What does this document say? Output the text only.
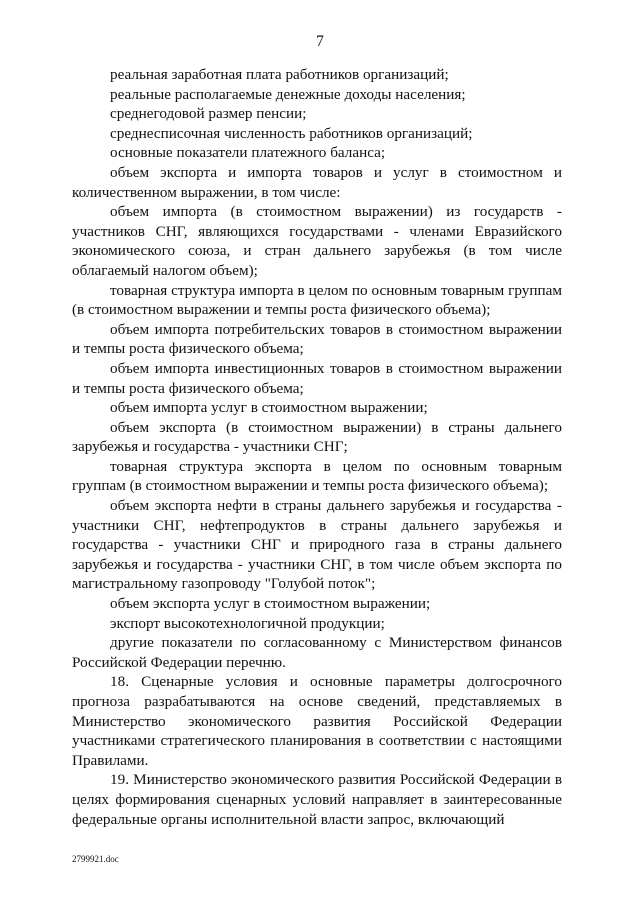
7

реальная заработная плата работников организаций;

реальные располагаемые денежные доходы населения;

среднегодовой размер пенсии;

среднесписочная численность работников организаций;

основные показатели платежного баланса;

объем экспорта и импорта товаров и услуг в стоимостном и количественном выражении, в том числе:

объем импорта (в стоимостном выражении) из государств - участников СНГ, являющихся государствами - членами Евразийского экономического союза, и стран дальнего зарубежья (в том числе облагаемый налогом объем);

товарная структура импорта в целом по основным товарным группам (в стоимостном выражении и темпы роста физического объема);

объем импорта потребительских товаров в стоимостном выражении и темпы роста физического объема;

объем импорта инвестиционных товаров в стоимостном выражении и темпы роста физического объема;

объем импорта услуг в стоимостном выражении;

объем экспорта (в стоимостном выражении) в страны дальнего зарубежья и государства - участники СНГ;

товарная структура экспорта в целом по основным товарным группам (в стоимостном выражении и темпы роста физического объема);

объем экспорта нефти в страны дальнего зарубежья и государства - участники СНГ, нефтепродуктов в страны дальнего зарубежья и государства - участники СНГ и природного газа в страны дальнего зарубежья и государства - участники СНГ, в том числе объем экспорта по магистральному газопроводу "Голубой поток";

объем экспорта услуг в стоимостном выражении;

экспорт высокотехнологичной продукции;

другие показатели по согласованному с Министерством финансов Российской Федерации перечню.

18. Сценарные условия и основные параметры долгосрочного прогноза разрабатываются на основе сведений, представляемых в Министерство экономического развития Российской Федерации участниками стратегического планирования в соответствии с настоящими Правилами.

19. Министерство экономического развития Российской Федерации в целях формирования сценарных условий направляет в заинтересованные федеральные органы исполнительной власти запрос, включающий

2799921.doc
